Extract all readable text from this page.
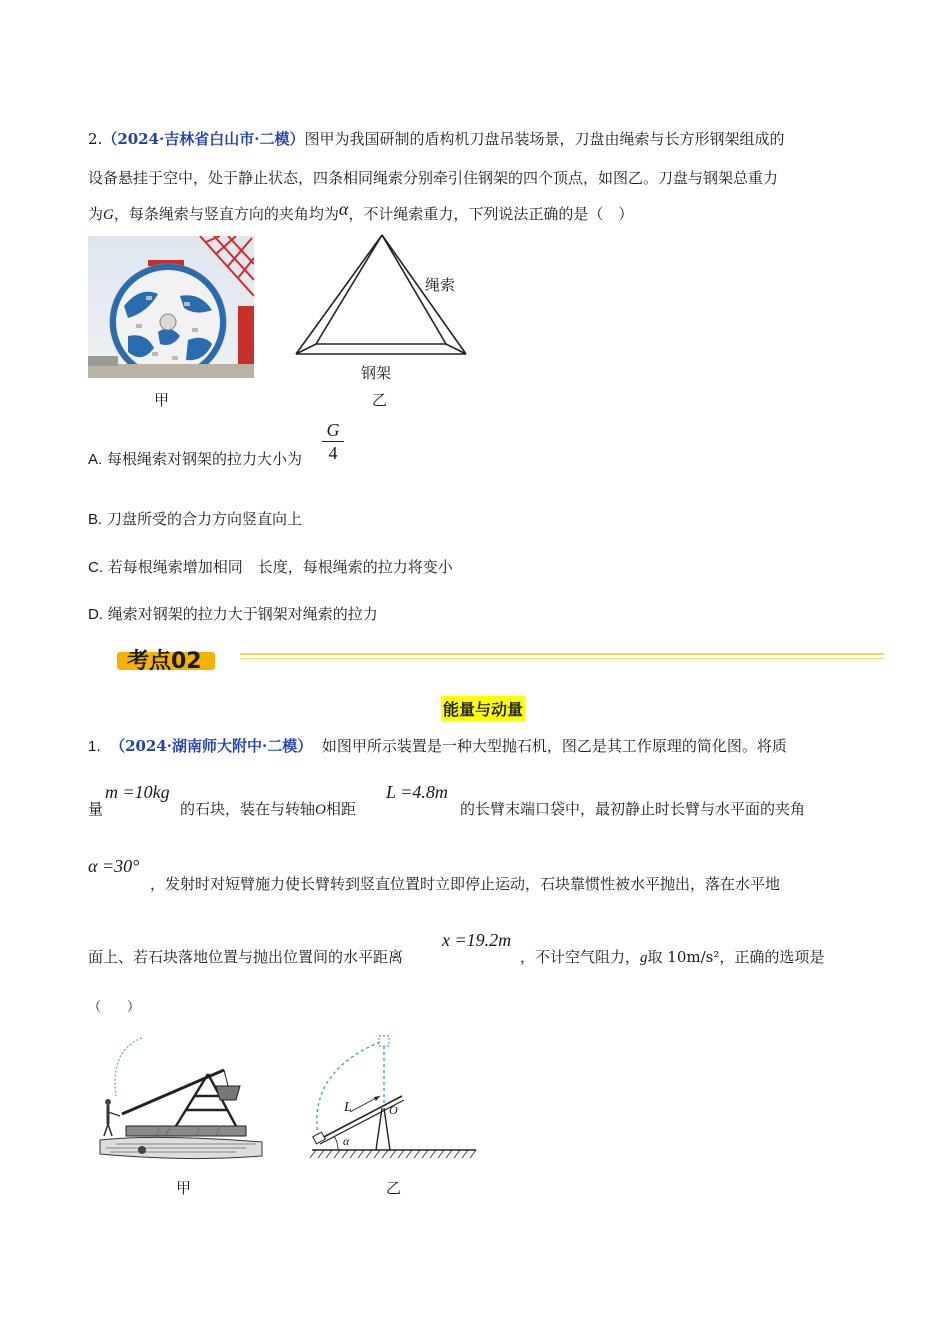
2.（2024·吉林省白山市·二模）图甲为我国研制的盾构机刀盘吊装场景，刀盘由绳索与长方形钢架组成的
设备悬挂于空中，处于静止状态，四条相同绳索分别牵引住钢架的四个顶点，如图乙。刀盘与钢架总重力
为G，每条绳索与竖直方向的夹角均为α，不计绳索重力，下列说法正确的是（　）
甲
绳索
钢架
乙
A. 每根绳索对钢架的拉力大小为
G
4
B. 刀盘所受的合力方向竖直向上
C. 若每根绳索增加相同　长度，每根绳索的拉力将变小
D. 绳索对钢架的拉力大于钢架对绳索的拉力
考点02
能量与动量
1. （2024·湖南师大附中·二模） 如图甲所示装置是一种大型抛石机，图乙是其工作原理的简化图。将质
量
m =10kg
的石块，装在与转轴O相距
L =4.8m
的长臂末端口袋中，最初静止时长臂与水平面的夹角
α =30°
，发射时对短臂施力使长臂转到竖直位置时立即停止运动，石块靠惯性被水平抛出，落在水平地
面上、若石块落地位置与抛出位置间的水平距离
x =19.2m
，不计空气阻力，g取 10m/s²，正确的选项是
（　　）
甲
L	O
α
乙
